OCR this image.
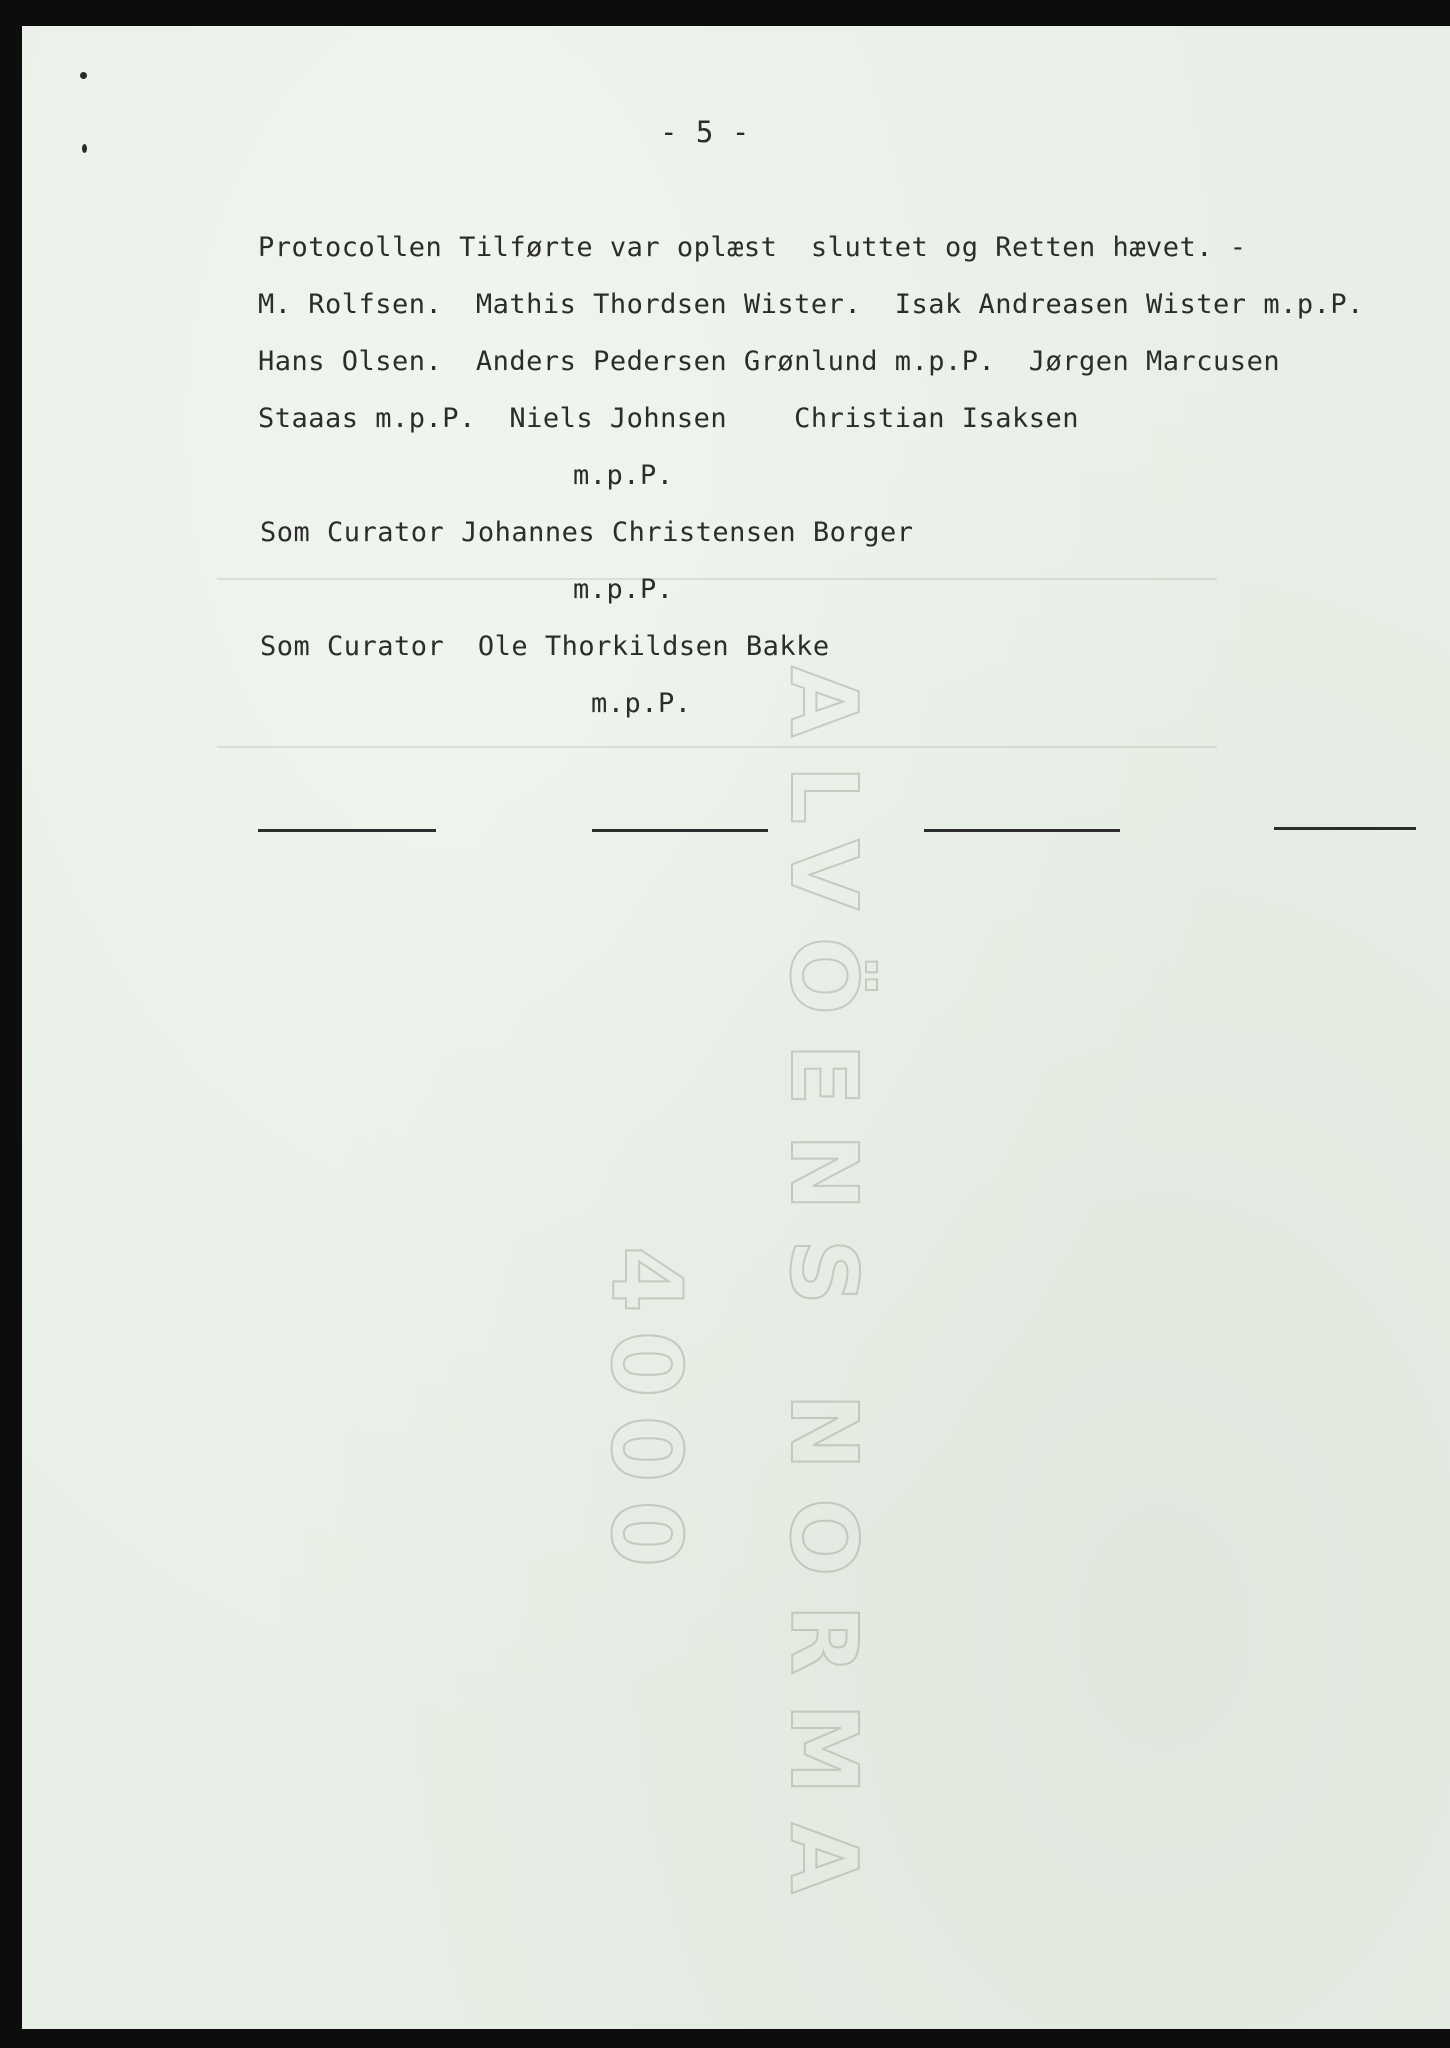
ALVÖENS NORMA
4000
- 5 -
Protocollen Tilførte var oplæst  sluttet og Retten hævet. -
M. Rolfsen.  Mathis Thordsen Wister.  Isak Andreasen Wister m.p.P.
Hans Olsen.  Anders Pedersen Grønlund m.p.P.  Jørgen Marcusen
Staaas m.p.P.  Niels Johnsen    Christian Isaksen
m.p.P.
Som Curator Johannes Christensen Borger
m.p.P.
Som Curator  Ole Thorkildsen Bakke
m.p.P.
